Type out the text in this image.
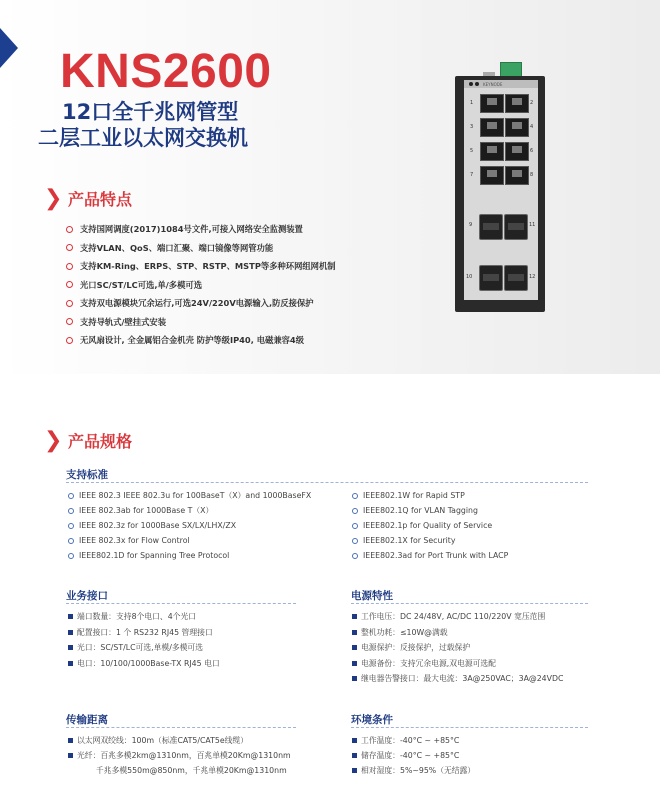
KNS2600
12口全千兆网管型
二层工业以太网交换机
❯ 产品特点
支持国网调度(2017)1084号文件,可接入网络安全监测装置
支持VLAN、QoS、端口汇聚、端口镜像等网管功能
支持KM-Ring、ERPS、STP、RSTP、MSTP等多种环网组网机制
光口SC/ST/LC可选,单/多模可选
支持双电源模块冗余运行,可选24V/220V电源输入,防反接保护
支持导轨式/壁挂式安装
无风扇设计, 全金属铝合金机壳 防护等级IP40, 电磁兼容4级
KEYNODE
1	2
3	4
5	6
7	8
9	11
10	12
❯ 产品规格
支持标准
IEEE 802.3 IEEE 802.3u for 100BaseT（X）and 1000BaseFX
IEEE 802.3ab for 1000Base T（X）
IEEE 802.3z for 1000Base SX/LX/LHX/ZX
IEEE 802.3x for Flow Control
IEEE802.1D for Spanning Tree Protocol
IEEE802.1W for Rapid STP
IEEE802.1Q for VLAN Tagging
IEEE802.1p for Quality of Service
IEEE802.1X for Security
IEEE802.3ad for Port Trunk with LACP
业务接口
端口数量：支持8个电口、4个光口
配置接口：1 个 RS232 RJ45 管理接口
光口：SC/ST/LC可选,单模/多模可选
电口：10/100/1000Base-TX RJ45 电口
电源特性
工作电压：DC 24/48V, AC/DC 110/220V 宽压范围
整机功耗：≤10W@满载
电源保护：反接保护，过载保护
电源备份：支持冗余电源,双电源可选配
继电器告警接口：最大电流：3A@250VAC；3A@24VDC
传输距离
以太网双绞线：100m（标准CAT5/CAT5e线缆）
光纤：百兆多模2km@1310nm，百兆单模20Km@1310nm
千兆多模550m@850nm，千兆单模20Km@1310nm
环境条件
工作温度：-40°C ~ +85°C
储存温度：-40°C ~ +85°C
相对湿度：5%~95%（无结露）
